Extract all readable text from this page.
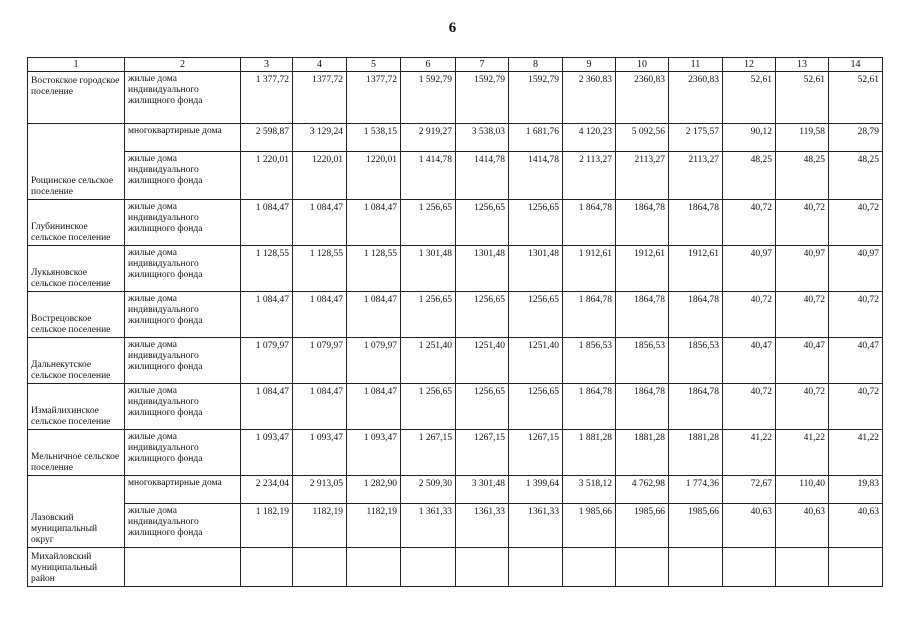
6
1	2	3	4	5	6	7	8	9	10	11	12	13	14
Востокское городское поселение	жилые дома индивидуального жилищного фонда	1 377,72	1377,72	1377,72	1 592,79	1592,79	1592,79	2 360,83	2360,83	2360,83	52,61	52,61	52,61
Рощинское сельское поселение	многоквартирные дома	2 598,87	3 129,24	1 538,15	2 919,27	3 538,03	1 681,76	4 120,23	5 092,56	2 175,57	90,12	119,58	28,79
	жилые дома индивидуального жилищного фонда	1 220,01	1220,01	1220,01	1 414,78	1414,78	1414,78	2 113,27	2113,27	2113,27	48,25	48,25	48,25
Глубининское сельское поселение	жилые дома индивидуального жилищного фонда	1 084,47	1 084,47	1 084,47	1 256,65	1256,65	1256,65	1 864,78	1864,78	1864,78	40,72	40,72	40,72
Лукьяновское сельское поселение	жилые дома индивидуального жилищного фонда	1 128,55	1 128,55	1 128,55	1 301,48	1301,48	1301,48	1 912,61	1912,61	1912,61	40,97	40,97	40,97
Вострецовское сельское поселение	жилые дома индивидуального жилищного фонда	1 084,47	1 084,47	1 084,47	1 256,65	1256,65	1256,65	1 864,78	1864,78	1864,78	40,72	40,72	40,72
Дальнекутское сельское поселение	жилые дома индивидуального жилищного фонда	1 079,97	1 079,97	1 079,97	1 251,40	1251,40	1251,40	1 856,53	1856,53	1856,53	40,47	40,47	40,47
Измайлихинское сельское поселение	жилые дома индивидуального жилищного фонда	1 084,47	1 084,47	1 084,47	1 256,65	1256,65	1256,65	1 864,78	1864,78	1864,78	40,72	40,72	40,72
Мельничное сельское поселение	жилые дома индивидуального жилищного фонда	1 093,47	1 093,47	1 093,47	1 267,15	1267,15	1267,15	1 881,28	1881,28	1881,28	41,22	41,22	41,22
Лазовский муниципальный округ	многоквартирные дома	2 234,04	2 913,05	1 282,90	2 509,30	3 301,48	1 399,64	3 518,12	4 762,98	1 774,36	72,67	110,40	19,83
	жилые дома индивидуального жилищного фонда	1 182,19	1182,19	1182,19	1 361,33	1361,33	1361,33	1 985,66	1985,66	1985,66	40,63	40,63	40,63
Михайловский муниципальный район													
